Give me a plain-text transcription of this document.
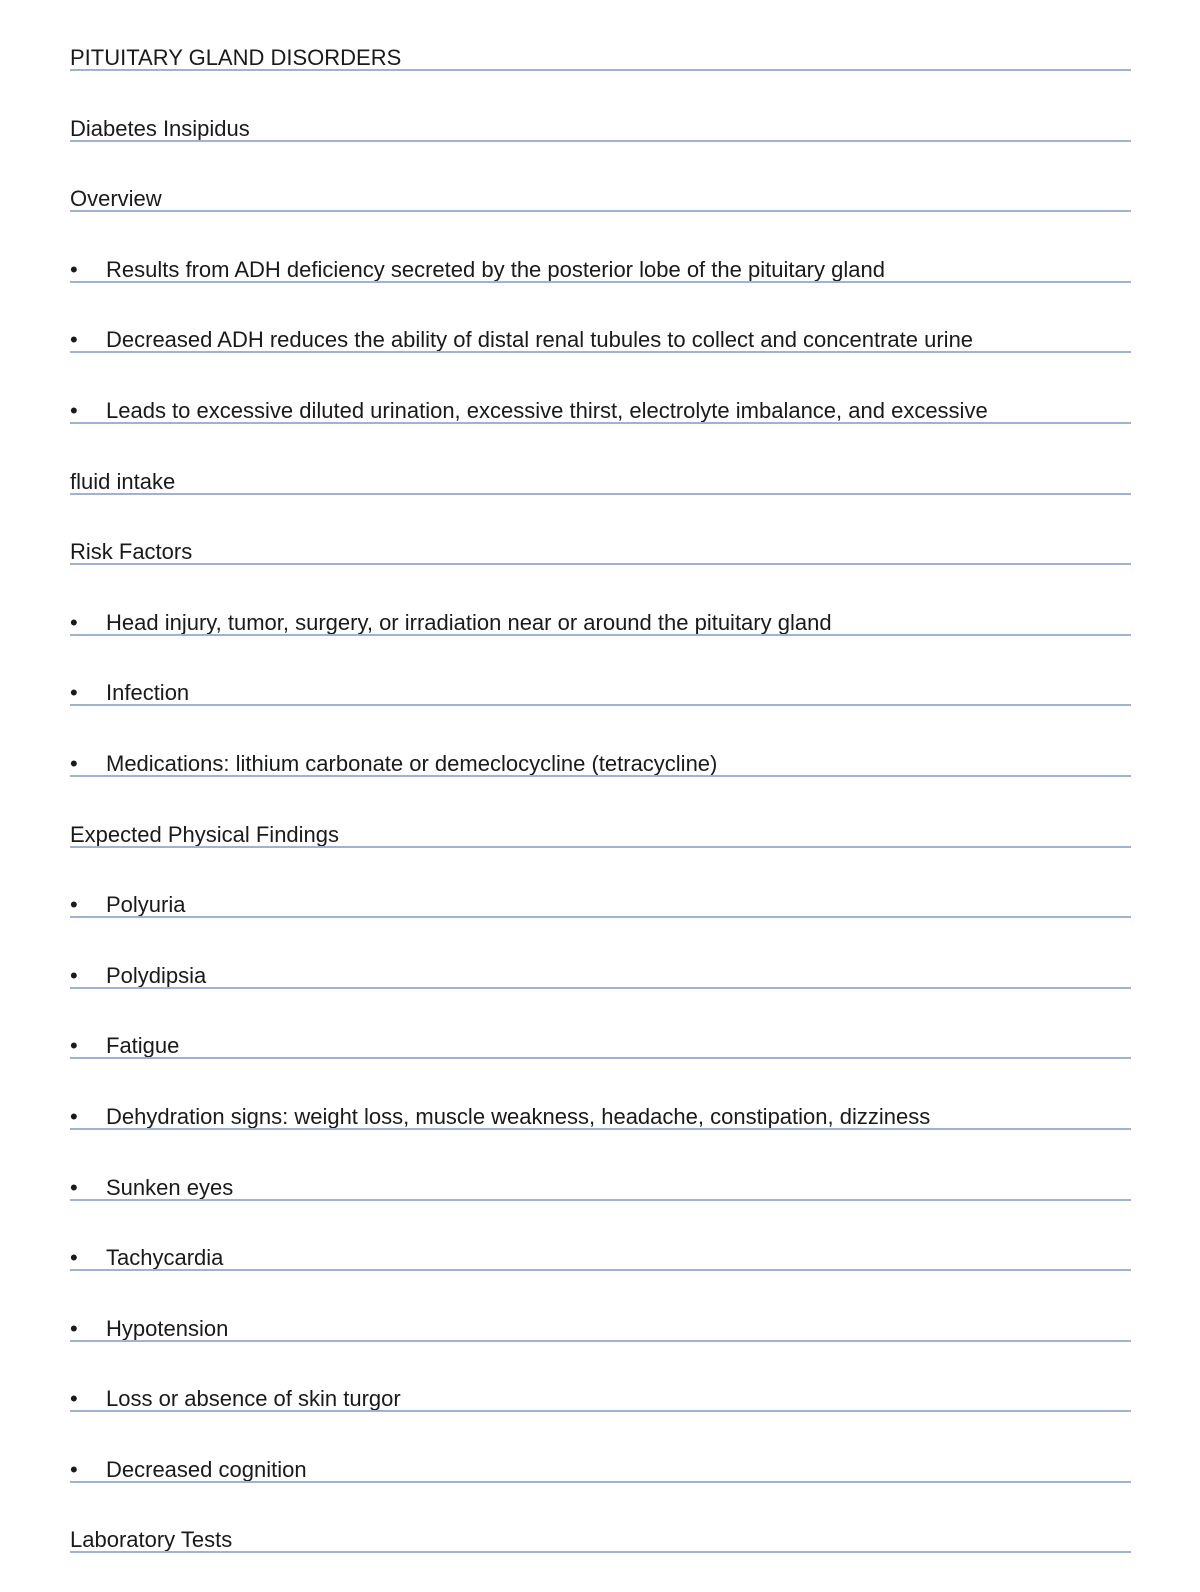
PITUITARY GLAND DISORDERS
Diabetes Insipidus
Overview
• Results from ADH deficiency secreted by the posterior lobe of the pituitary gland
• Decreased ADH reduces the ability of distal renal tubules to collect and concentrate urine
• Leads to excessive diluted urination, excessive thirst, electrolyte imbalance, and excessive
fluid intake
Risk Factors
• Head injury, tumor, surgery, or irradiation near or around the pituitary gland
• Infection
• Medications: lithium carbonate or demeclocycline (tetracycline)
Expected Physical Findings
• Polyuria
• Polydipsia
• Fatigue
• Dehydration signs: weight loss, muscle weakness, headache, constipation, dizziness
• Sunken eyes
• Tachycardia
• Hypotension
• Loss or absence of skin turgor
• Decreased cognition
Laboratory Tests
